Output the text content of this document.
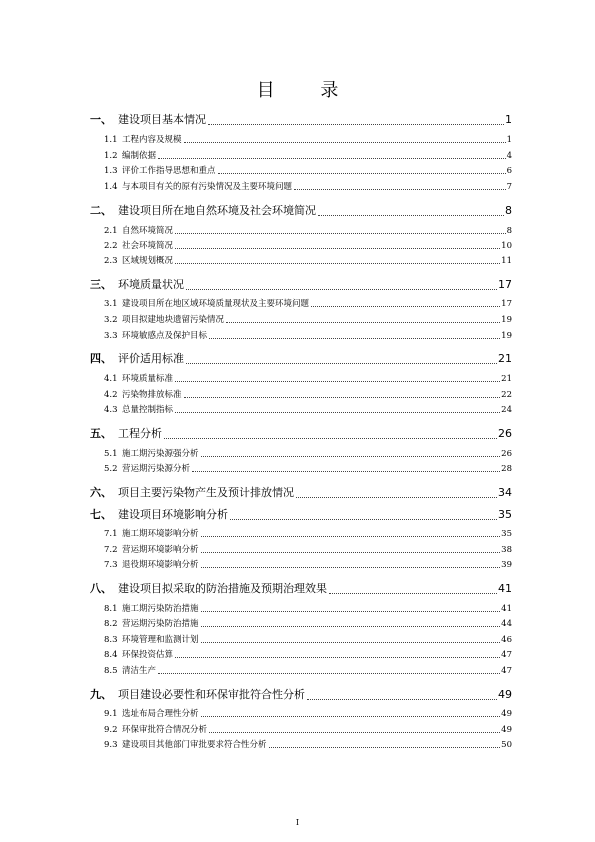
目 录
一、 建设项目基本情况	1
1.1 工程内容及规模	1
1.2 编制依据	4
1.3 评价工作指导思想和重点	6
1.4 与本项目有关的原有污染情况及主要环境问题	7
二、 建设项目所在地自然环境及社会环境简况	8
2.1 自然环境简况	8
2.2 社会环境简况	10
2.3 区域规划概况	11
三、 环境质量状况	17
3.1 建设项目所在地区域环境质量现状及主要环境问题	17
3.2 项目拟建地块遗留污染情况	19
3.3 环境敏感点及保护目标	19
四、 评价适用标准	21
4.1 环境质量标准	21
4.2 污染物排放标准	22
4.3 总量控制指标	24
五、 工程分析	26
5.1 施工期污染源强分析	26
5.2 营运期污染源分析	28
六、 项目主要污染物产生及预计排放情况	34
七、 建设项目环境影响分析	35
7.1 施工期环境影响分析	35
7.2 营运期环境影响分析	38
7.3 退役期环境影响分析	39
八、 建设项目拟采取的防治措施及预期治理效果	41
8.1 施工期污染防治措施	41
8.2 营运期污染防治措施	44
8.3 环境管理和监测计划	46
8.4 环保投资估算	47
8.5 清洁生产	47
九、 项目建设必要性和环保审批符合性分析	49
9.1 选址布局合理性分析	49
9.2 环保审批符合情况分析	49
9.3 建设项目其他部门审批要求符合性分析	50
I
